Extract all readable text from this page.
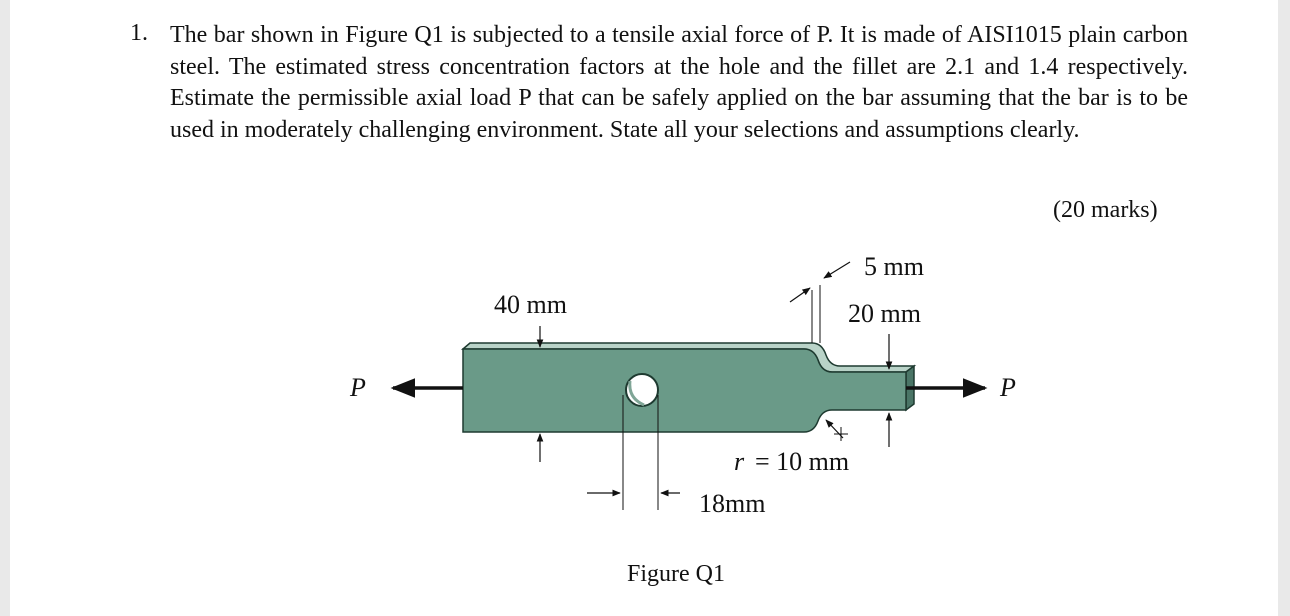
1. The bar shown in Figure Q1 is subjected to a tensile axial force of P. It is made of AISI1015 plain carbon steel. The estimated stress concentration factors at the hole and the fillet are 2.1 and 1.4 respectively. Estimate the permissible axial load P that can be safely applied on the bar assuming that the bar is to be used in moderately challenging environment. State all your selections and assumptions clearly.
(20 marks)
Figure Q1
P	P
40 mm
5 mm
20 mm
r = 10 mm
18mm
